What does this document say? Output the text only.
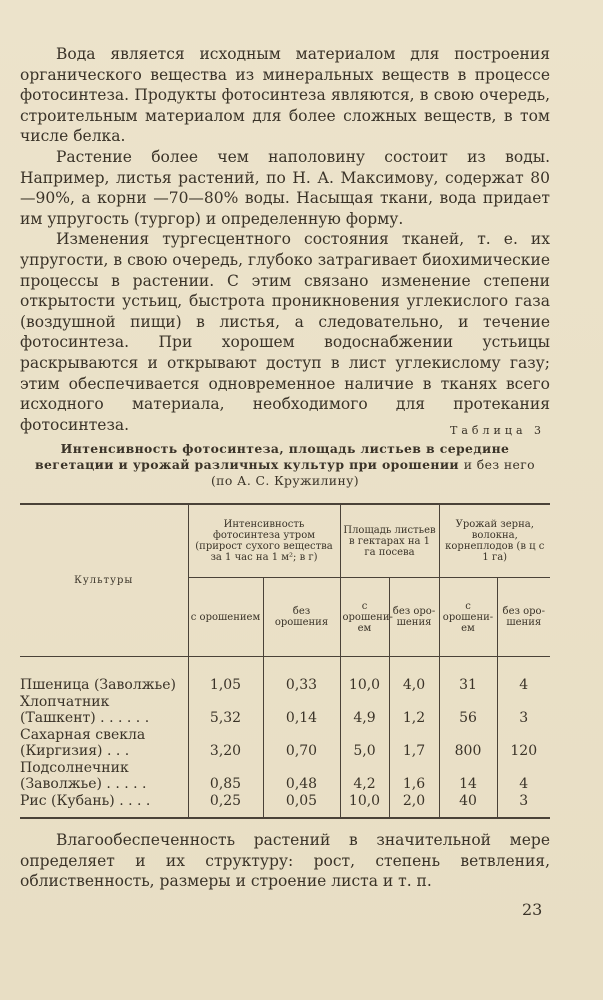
Вода является исходным материалом для построения органического вещества из минеральных веществ в процессе фотосинтеза. Продукты фотосинтеза являются, в свою очередь, строительным материалом для более сложных веществ, в том числе белка.

Растение более чем наполовину состоит из воды. Например, листья растений, по Н. А. Максимову, содержат 80—90%, а корни —70—80% воды. Насыщая ткани, вода придает им упругость (тургор) и определенную форму.

Изменения тургесцентного состояния тканей, т. е. их упругости, в свою очередь, глубоко затрагивает биохимические процессы в растении. С этим связано изменение степени открытости устьиц, быстрота проникновения углекислого газа (воздушной пищи) в листья, а следовательно, и течение фотосинтеза. При хорошем водоснабжении устьицы раскрываются и открывают доступ в лист углекислому газу; этим обеспечивается одновременное наличие в тканях всего исходного материала, необходимого для протекания фотосинтеза.	Таблица 3
Интенсивность фотосинтеза, площадь листьев в середине вегетации и урожай различных культур при орошении и без него (по А. С. Кружилину)
Культуры	Интенсивность фотосинтеза утром (прирост сухого вещества за 1 час на 1 м²; в г)		Площадь листьев в гектарах на 1 га посева		Урожай зерна, волокна, корнеплодов (в ц с 1 га)	
	с орошением	без орошения	с орошением	без орошения	с орошением	без орошения
Пшеница (Заволжье)	1,05	0,33	10,0	4,0	31	4
Хлопчатник (Ташкент) . . . . . .	5,32	0,14	4,9	1,2	56	3
Сахарная свекла (Киргизия) . . .	3,20	0,70	5,0	1,7	800	120
Подсолнечник (Заволжье) . . . . .	0,85	0,48	4,2	1,6	14	4
Рис (Кубань) . . . .	0,25	0,05	10,0	2,0	40	3

Влагообеспеченность растений в значительной мере определяет и их структуру: рост, степень ветвления, облиственность, размеры и строение листа и т. п.

23
